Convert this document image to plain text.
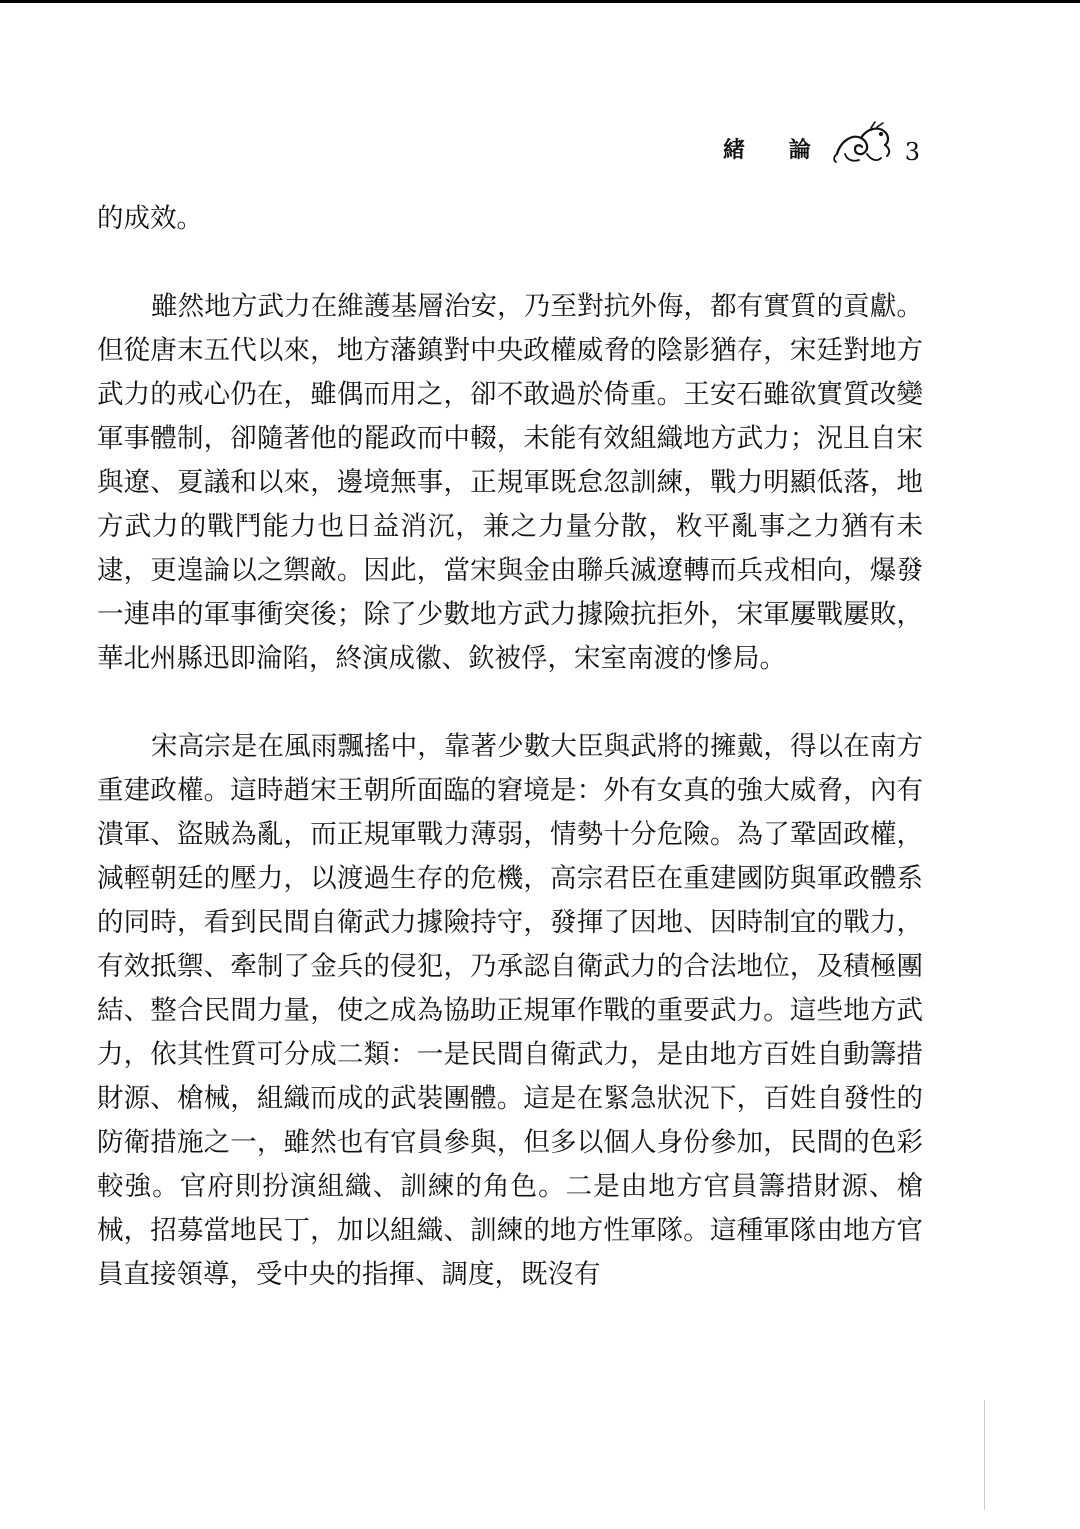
緒 論	3

的成效。

雖然地方武力在維護基層治安，乃至對抗外侮，都有實質的貢獻。但從唐末五代以來，地方藩鎮對中央政權威脅的陰影猶存，宋廷對地方武力的戒心仍在，雖偶而用之，卻不敢過於倚重。王安石雖欲實質改變軍事體制，卻隨著他的罷政而中輟，未能有效組織地方武力；況且自宋與遼、夏議和以來，邊境無事，正規軍既怠忽訓練，戰力明顯低落，地方武力的戰鬥能力也日益消沉，兼之力量分散，敉平亂事之力猶有未逮，更遑論以之禦敵。因此，當宋與金由聯兵滅遼轉而兵戎相向，爆發一連串的軍事衝突後；除了少數地方武力據險抗拒外，宋軍屢戰屢敗，華北州縣迅即淪陷，終演成徽、欽被俘，宋室南渡的慘局。

宋高宗是在風雨飄搖中，靠著少數大臣與武將的擁戴，得以在南方重建政權。這時趙宋王朝所面臨的窘境是：外有女真的強大威脅，內有潰軍、盜賊為亂，而正規軍戰力薄弱，情勢十分危險。為了鞏固政權，減輕朝廷的壓力，以渡過生存的危機，高宗君臣在重建國防與軍政體系的同時，看到民間自衛武力據險持守，發揮了因地、因時制宜的戰力，有效抵禦、牽制了金兵的侵犯，乃承認自衛武力的合法地位，及積極團結、整合民間力量，使之成為協助正規軍作戰的重要武力。這些地方武力，依其性質可分成二類：一是民間自衛武力，是由地方百姓自動籌措財源、槍械，組織而成的武裝團體。這是在緊急狀況下，百姓自發性的防衛措施之一，雖然也有官員參與，但多以個人身份參加，民間的色彩較強。官府則扮演組織、訓練的角色。二是由地方官員籌措財源、槍械，招募當地民丁，加以組織、訓練的地方性軍隊。這種軍隊由地方官員直接領導，受中央的指揮、調度，既沒有
